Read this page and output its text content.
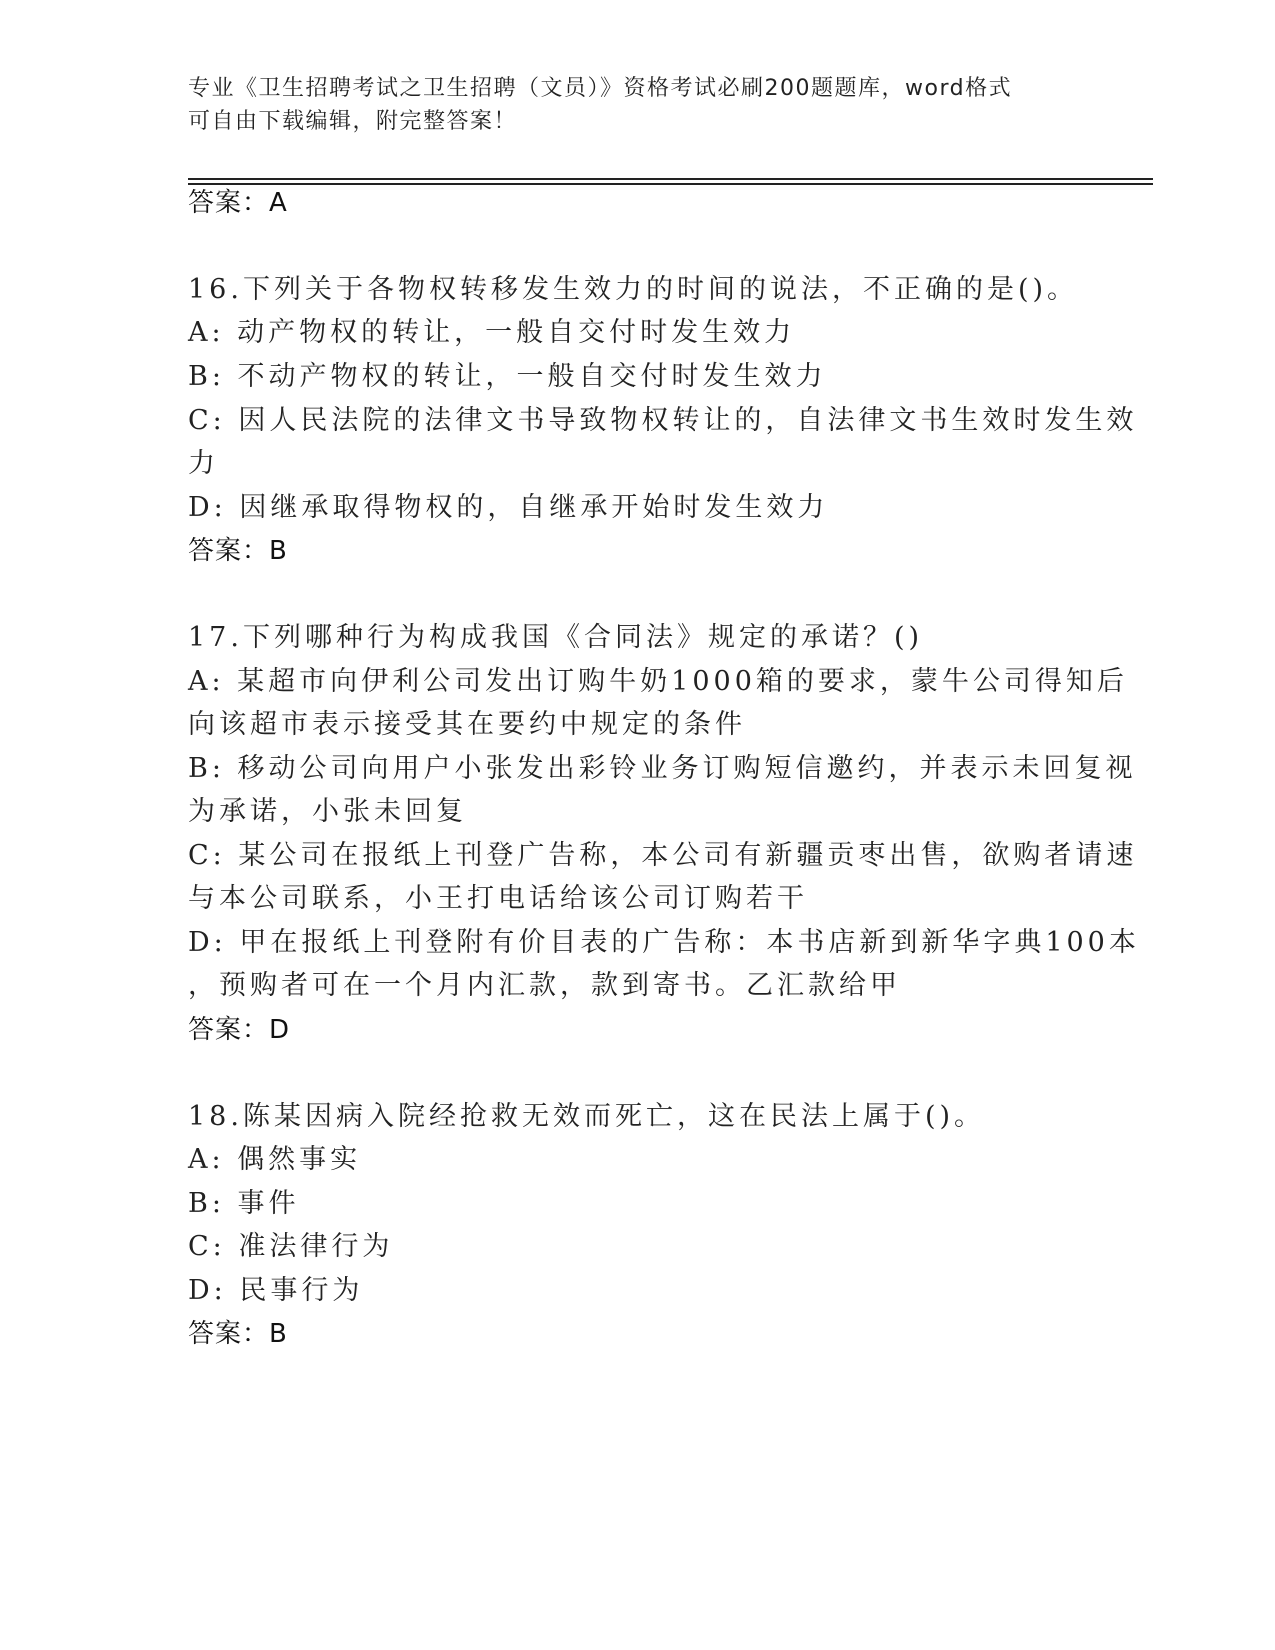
专业《卫生招聘考试之卫生招聘（文员）》资格考试必刷200题题库，word格式
可自由下载编辑，附完整答案！
答案：A
16.下列关于各物权转移发生效力的时间的说法，不正确的是()。
A: 动产物权的转让，一般自交付时发生效力
B: 不动产物权的转让，一般自交付时发生效力
C: 因人民法院的法律文书导致物权转让的，自法律文书生效时发生效
力
D: 因继承取得物权的，自继承开始时发生效力
答案：B
17.下列哪种行为构成我国《合同法》规定的承诺？()
A: 某超市向伊利公司发出订购牛奶1000箱的要求，蒙牛公司得知后
向该超市表示接受其在要约中规定的条件
B: 移动公司向用户小张发出彩铃业务订购短信邀约，并表示未回复视
为承诺，小张未回复
C: 某公司在报纸上刊登广告称，本公司有新疆贡枣出售，欲购者请速
与本公司联系，小王打电话给该公司订购若干
D: 甲在报纸上刊登附有价目表的广告称：本书店新到新华字典100本
，预购者可在一个月内汇款，款到寄书。乙汇款给甲
答案：D
18.陈某因病入院经抢救无效而死亡，这在民法上属于()。
A: 偶然事实
B: 事件
C: 准法律行为
D: 民事行为
答案：B
